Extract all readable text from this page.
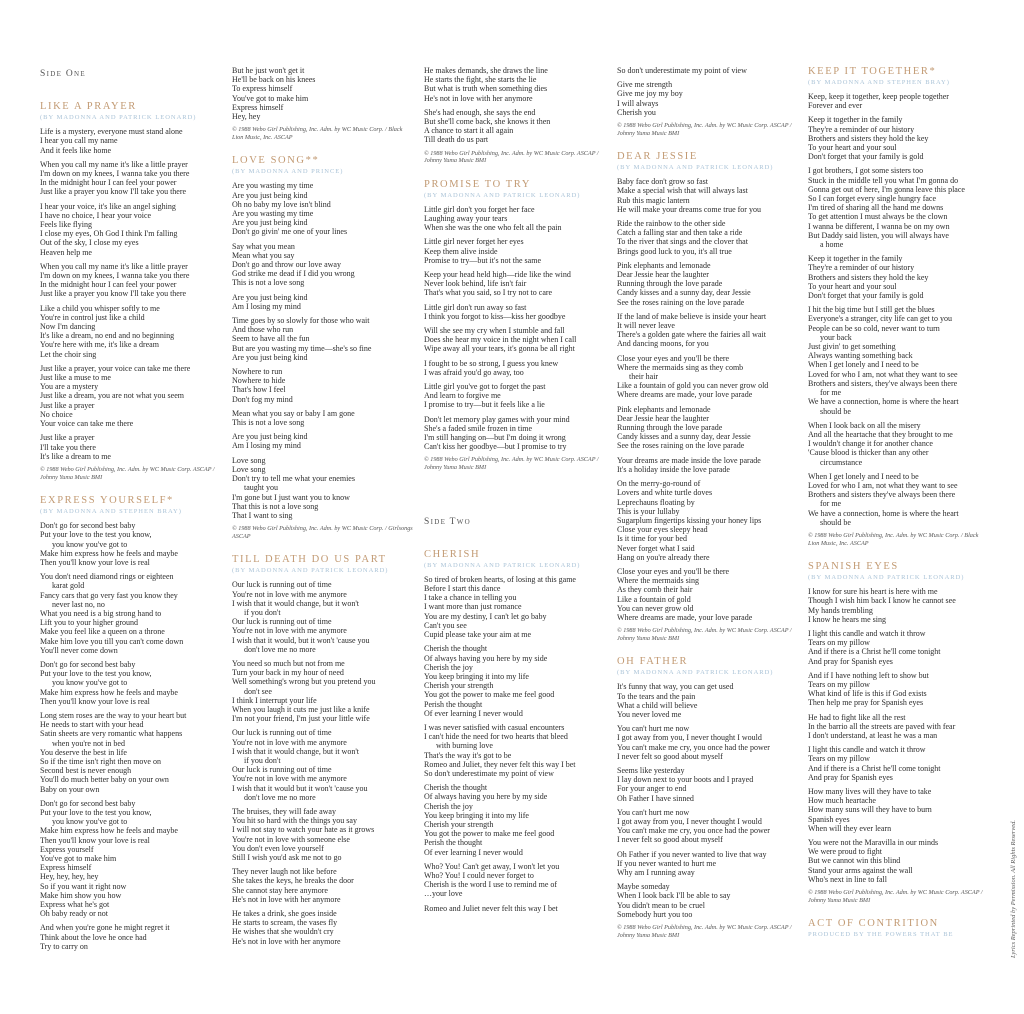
Side One
LIKE A PRAYER
(BY MADONNA AND PATRICK LEONARD)
Life is a mystery, everyone must stand alone
I hear you call my name
And it feels like home
When you call my name it's like a little prayer
I'm down on my knees, I wanna take you there
In the midnight hour I can feel your power
Just like a prayer you know I'll take you there
I hear your voice, it's like an angel sighing
I have no choice, I hear your voice
Feels like flying
I close my eyes, Oh God I think I'm falling
Out of the sky, I close my eyes
Heaven help me
When you call my name it's like a little prayer
I'm down on my knees, I wanna take you there
In the midnight hour I can feel your power
Just like a prayer you know I'll take you there
Like a child you whisper softly to me
You're in control just like a child
Now I'm dancing
It's like a dream, no end and no beginning
You're here with me, it's like a dream
Let the choir sing
Just like a prayer, your voice can take me there
Just like a muse to me
You are a mystery
Just like a dream, you are not what you seem
Just like a prayer
No choice
Your voice can take me there
Just like a prayer
I'll take you there
It's like a dream to me
© 1988 Webo Girl Publishing, Inc. Adm. by WC Music Corp. ASCAP / Johnny Yuma Music BMI
EXPRESS YOURSELF*
(BY MADONNA AND STEPHEN BRAY)
Don't go for second best baby
Put your love to the test you know,
you know you've got to
Make him express how he feels and maybe
Then you'll know your love is real
You don't need diamond rings or eighteen
karat gold
Fancy cars that go very fast you know they
never last no, no
What you need is a big strong hand to
Lift you to your higher ground
Make you feel like a queen on a throne
Make him love you till you can't come down
You'll never come down
Don't go for second best baby
Put your love to the test you know,
you know you've got to
Make him express how he feels and maybe
Then you'll know your love is real
Long stem roses are the way to your heart but
He needs to start with your head
Satin sheets are very romantic what happens
when you're not in bed
You deserve the best in life
So if the time isn't right then move on
Second best is never enough
You'll do much better baby on your own
Baby on your own
Don't go for second best baby
Put your love to the test you know,
you know you've got to
Make him express how he feels and maybe
Then you'll know your love is real
Express yourself
You've got to make him
Express himself
Hey, hey, hey, hey
So if you want it right now
Make him show you how
Express what he's got
Oh baby ready or not
And when you're gone he might regret it
Think about the love he once had
Try to carry on
But he just won't get it
He'll be back on his knees
To express himself
You've got to make him
Express himself
Hey, hey
© 1988 Webo Girl Publishing, Inc. Adm. by WC Music Corp. / Black Lion Music, Inc. ASCAP
LOVE SONG**
(BY MADONNA AND PRINCE)
Are you wasting my time
Are you just being kind
Oh no baby my love isn't blind
Are you wasting my time
Are you just being kind
Don't go givin' me one of your lines
Say what you mean
Mean what you say
Don't go and throw our love away
God strike me dead if I did you wrong
This is not a love song
Are you just being kind
Am I losing my mind
Time goes by so slowly for those who wait
And those who run
Seem to have all the fun
But are you wasting my time—she's so fine
Are you just being kind
Nowhere to run
Nowhere to hide
That's how I feel
Don't fog my mind
Mean what you say or baby I am gone
This is not a love song
Are you just being kind
Am I losing my mind
Love song
Love song
Don't try to tell me what your enemies
taught you
I'm gone but I just want you to know
That this is not a love song
That I want to sing
© 1988 Webo Girl Publishing, Inc. Adm. by WC Music Corp. / Girlsongs ASCAP
TILL DEATH DO US PART
(BY MADONNA AND PATRICK LEONARD)
Our luck is running out of time
You're not in love with me anymore
I wish that it would change, but it won't
if you don't
Our luck is running out of time
You're not in love with me anymore
I wish that it would, but it won't 'cause you
don't love me no more
You need so much but not from me
Turn your back in my hour of need
Well something's wrong but you pretend you
don't see
I think I interrupt your life
When you laugh it cuts me just like a knife
I'm not your friend, I'm just your little wife
Our luck is running out of time
You're not in love with me anymore
I wish that it would change, but it won't
if you don't
Our luck is running out of time
You're not in love with me anymore
I wish that it would but it won't 'cause you
don't love me no more
The bruises, they will fade away
You hit so hard with the things you say
I will not stay to watch your hate as it grows
You're not in love with someone else
You don't even love yourself
Still I wish you'd ask me not to go
They never laugh not like before
She takes the keys, he breaks the door
She cannot stay here anymore
He's not in love with her anymore
He takes a drink, she goes inside
He starts to scream, the vases fly
He wishes that she wouldn't cry
He's not in love with her anymore
He makes demands, she draws the line
He starts the fight, she starts the lie
But what is truth when something dies
He's not in love with her anymore
She's had enough, she says the end
But she'll come back, she knows it then
A chance to start it all again
Till death do us part
© 1988 Webo Girl Publishing, Inc. Adm. by WC Music Corp. ASCAP / Johnny Yuma Music BMI
PROMISE TO TRY
(BY MADONNA AND PATRICK LEONARD)
Little girl don't you forget her face
Laughing away your tears
When she was the one who felt all the pain
Little girl never forget her eyes
Keep them alive inside
Promise to try—but it's not the same
Keep your head held high—ride like the wind
Never look behind, life isn't fair
That's what you said, so I try not to care
Little girl don't run away so fast
I think you forgot to kiss—kiss her goodbye
Will she see my cry when I stumble and fall
Does she hear my voice in the night when I call
Wipe away all your tears, it's gonna be all right
I fought to be so strong, I guess you knew
I was afraid you'd go away, too
Little girl you've got to forget the past
And learn to forgive me
I promise to try—but it feels like a lie
Don't let memory play games with your mind
She's a faded smile frozen in time
I'm still hanging on—but I'm doing it wrong
Can't kiss her goodbye—but I promise to try
© 1988 Webo Girl Publishing, Inc. Adm. by WC Music Corp. ASCAP / Johnny Yuma Music BMI
Side Two
CHERISH
(BY MADONNA AND PATRICK LEONARD)
So tired of broken hearts, of losing at this game
Before I start this dance
I take a chance in telling you
I want more than just romance
You are my destiny, I can't let go baby
Can't you see
Cupid please take your aim at me
Cherish the thought
Of always having you here by my side
Cherish the joy
You keep bringing it into my life
Cherish your strength
You got the power to make me feel good
Perish the thought
Of ever learning I never would
I was never satisfied with casual encounters
I can't hide the need for two hearts that bleed
with burning love
That's the way it's got to be
Romeo and Juliet, they never felt this way I bet
So don't underestimate my point of view
Cherish the thought
Of always having you here by my side
Cherish the joy
You keep bringing it into my life
Cherish your strength
You got the power to make me feel good
Perish the thought
Of ever learning I never would
Who? You! Can't get away, I won't let you
Who? You! I could never forget to
Cherish is the word I use to remind me of
…your love
Romeo and Juliet never felt this way I bet
So don't underestimate my point of view
Give me strength
Give me joy my boy
I will always
Cherish you
© 1988 Webo Girl Publishing, Inc. Adm. by WC Music Corp. ASCAP / Johnny Yuma Music BMI
DEAR JESSIE
(BY MADONNA AND PATRICK LEONARD)
Baby face don't grow so fast
Make a special wish that will always last
Rub this magic lantern
He will make your dreams come true for you
Ride the rainbow to the other side
Catch a falling star and then take a ride
To the river that sings and the clover that
Brings good luck to you, it's all true
Pink elephants and lemonade
Dear Jessie hear the laughter
Running through the love parade
Candy kisses and a sunny day, dear Jessie
See the roses raining on the love parade
If the land of make believe is inside your heart
It will never leave
There's a golden gate where the fairies all wait
And dancing moons, for you
Close your eyes and you'll be there
Where the mermaids sing as they comb
their hair
Like a fountain of gold you can never grow old
Where dreams are made, your love parade
Pink elephants and lemonade
Dear Jessie hear the laughter
Running through the love parade
Candy kisses and a sunny day, dear Jessie
See the roses raining on the love parade
Your dreams are made inside the love parade
It's a holiday inside the love parade
On the merry-go-round of
Lovers and white turtle doves
Leprechauns floating by
This is your lullaby
Sugarplum fingertips kissing your honey lips
Close your eyes sleepy head
Is it time for your bed
Never forget what I said
Hang on you're already there
Close your eyes and you'll be there
Where the mermaids sing
As they comb their hair
Like a fountain of gold
You can never grow old
Where dreams are made, your love parade
© 1988 Webo Girl Publishing, Inc. Adm. by WC Music Corp. ASCAP / Johnny Yuma Music BMI
OH FATHER
(BY MADONNA AND PATRICK LEONARD)
It's funny that way, you can get used
To the tears and the pain
What a child will believe
You never loved me
You can't hurt me now
I got away from you, I never thought I would
You can't make me cry, you once had the power
I never felt so good about myself
Seems like yesterday
I lay down next to your boots and I prayed
For your anger to end
Oh Father I have sinned
You can't hurt me now
I got away from you, I never thought I would
You can't make me cry, you once had the power
I never felt so good about myself
Oh Father if you never wanted to live that way
If you never wanted to hurt me
Why am I running away
Maybe someday
When I look back I'll be able to say
You didn't mean to be cruel
Somebody hurt you too
© 1988 Webo Girl Publishing, Inc. Adm. by WC Music Corp. ASCAP / Johnny Yuma Music BMI
KEEP IT TOGETHER*
(BY MADONNA AND STEPHEN BRAY)
Keep, keep it together, keep people together
Forever and ever
Keep it together in the family
They're a reminder of our history
Brothers and sisters they hold the key
To your heart and your soul
Don't forget that your family is gold
I got brothers, I got some sisters too
Stuck in the middle tell you what I'm gonna do
Gonna get out of here, I'm gonna leave this place
So I can forget every single hungry face
I'm tired of sharing all the hand me downs
To get attention I must always be the clown
I wanna be different, I wanna be on my own
But Daddy said listen, you will always have
a home
Keep it together in the family
They're a reminder of our history
Brothers and sisters they hold the key
To your heart and your soul
Don't forget that your family is gold
I hit the big time but I still get the blues
Everyone's a stranger, city life can get to you
People can be so cold, never want to turn
your back
Just givin' to get something
Always wanting something back
When I get lonely and I need to be
Loved for who I am, not what they want to see
Brothers and sisters, they've always been there
for me
We have a connection, home is where the heart
should be
When I look back on all the misery
And all the heartache that they brought to me
I wouldn't change it for another chance
'Cause blood is thicker than any other
circumstance
When I get lonely and I need to be
Loved for who I am, not what they want to see
Brothers and sisters they've always been there
for me
We have a connection, home is where the heart
should be
© 1988 Webo Girl Publishing, Inc. Adm. by WC Music Corp. / Black Lion Music, Inc. ASCAP
SPANISH EYES
(BY MADONNA AND PATRICK LEONARD)
I know for sure his heart is here with me
Though I wish him back I know he cannot see
My hands trembling
I know he hears me sing
I light this candle and watch it throw
Tears on my pillow
And if there is a Christ he'll come tonight
And pray for Spanish eyes
And if I have nothing left to show but
Tears on my pillow
What kind of life is this if God exists
Then help me pray for Spanish eyes
He had to fight like all the rest
In the barrio all the streets are paved with fear
I don't understand, at least he was a man
I light this candle and watch it throw
Tears on my pillow
And if there is a Christ he'll come tonight
And pray for Spanish eyes
How many lives will they have to take
How much heartache
How many suns will they have to burn
Spanish eyes
When will they ever learn
You were not the Maravilla in our minds
We were proud to fight
But we cannot win this blind
Stand your arms against the wall
Who's next in line to fall
© 1988 Webo Girl Publishing, Inc. Adm. by WC Music Corp. ASCAP / Johnny Yuma Music BMI
ACT OF CONTRITION
PRODUCED BY THE POWERS THAT BE	Lyrics Reprinted by Permission. All Rights Reserved.
